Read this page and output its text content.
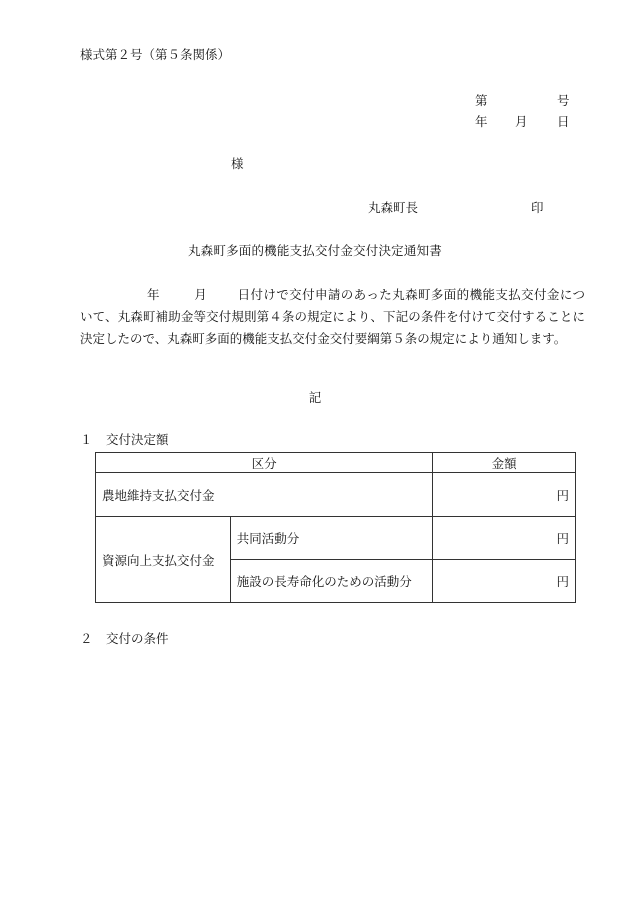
様式第２号（第５条関係）
第	号
年 月 日
様
丸森町長	印
丸森町多面的機能支払交付金交付決定通知書
年	月 日付けで交付申請のあった丸森町多面的機能支払交付金について、丸森町補助金等交付規則第４条の規定により、下記の条件を付けて交付することに決定したので、丸森町多面的機能支払交付金交付要綱第５条の規定により通知します。
記
１ 交付決定額
区分		金額
農地維持支払交付金		円
資源向上支払交付金	共同活動分	円
	施設の長寿命化のための活動分	円
２ 交付の条件
